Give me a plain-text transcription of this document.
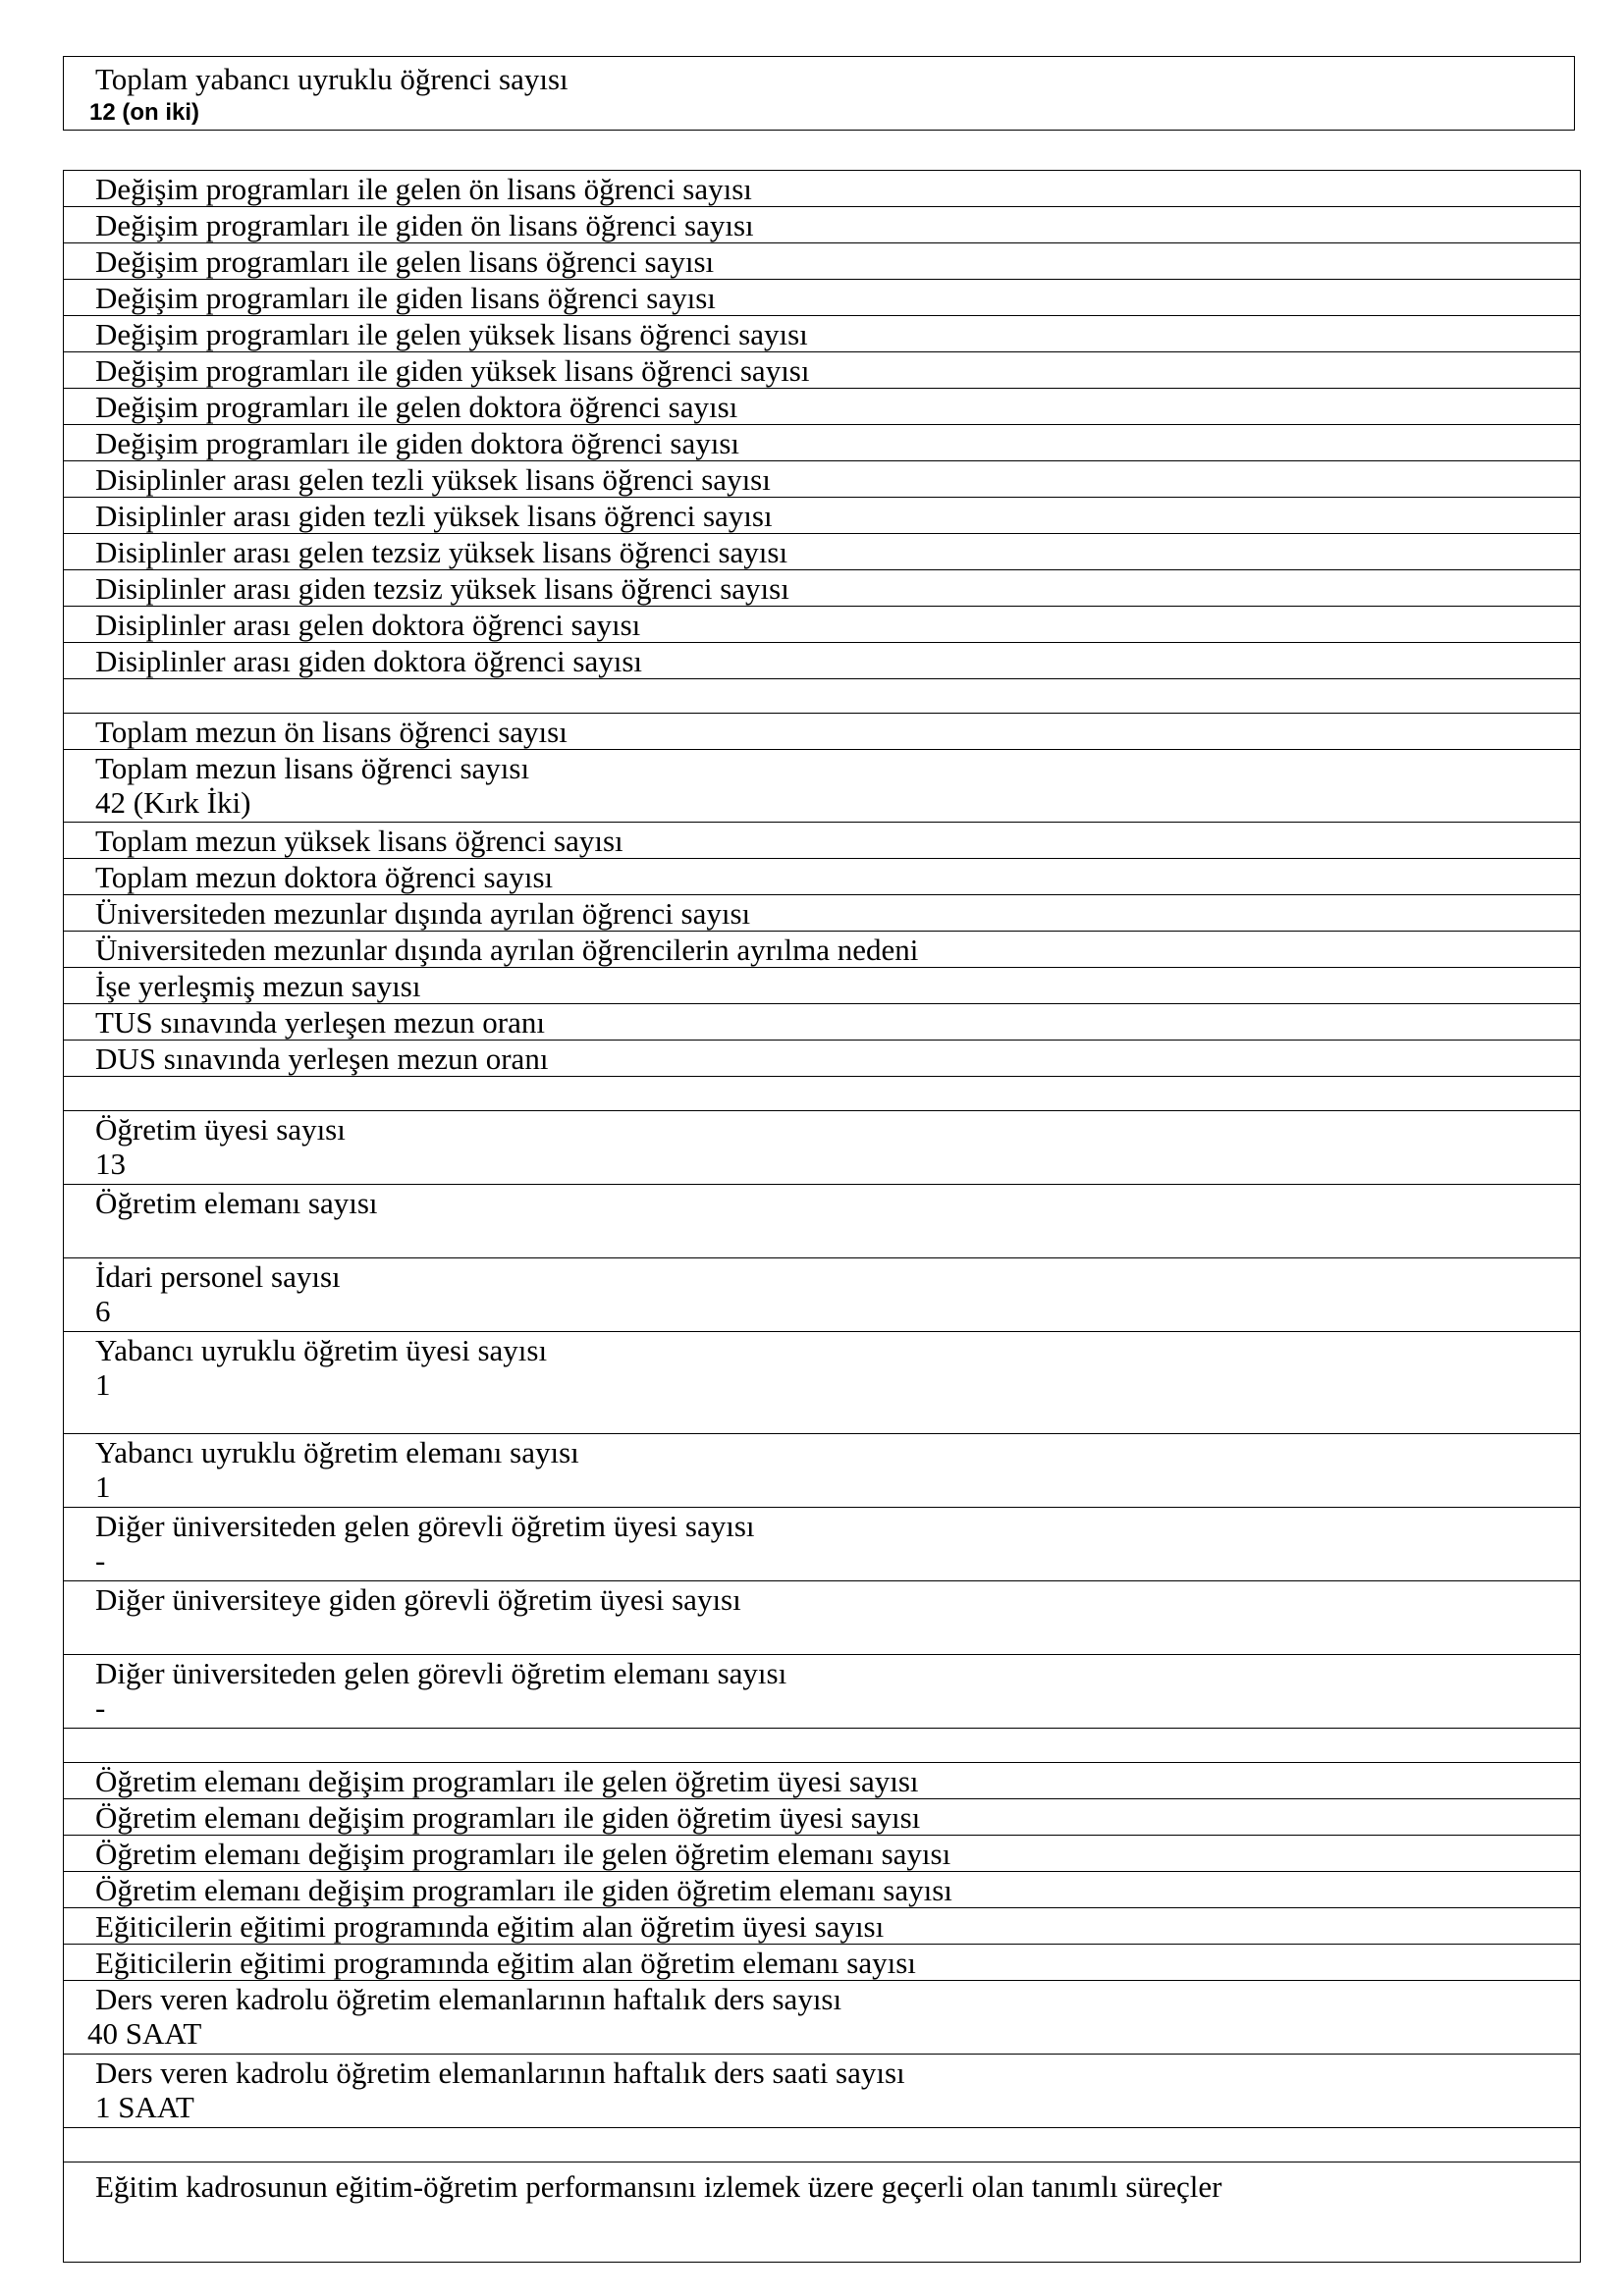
Toplam yabancı uyruklu öğrenci sayısı
12 (on iki)
Değişim programları ile gelen ön lisans öğrenci sayısı
Değişim programları ile giden ön lisans öğrenci sayısı
Değişim programları ile gelen lisans öğrenci sayısı
Değişim programları ile giden lisans öğrenci sayısı
Değişim programları ile gelen yüksek lisans öğrenci sayısı
Değişim programları ile giden yüksek lisans öğrenci sayısı
Değişim programları ile gelen doktora öğrenci sayısı
Değişim programları ile giden doktora öğrenci sayısı
Disiplinler arası gelen tezli yüksek lisans öğrenci sayısı
Disiplinler arası giden tezli yüksek lisans öğrenci sayısı
Disiplinler arası gelen tezsiz yüksek lisans öğrenci sayısı
Disiplinler arası giden tezsiz yüksek lisans öğrenci sayısı
Disiplinler arası gelen doktora öğrenci sayısı
Disiplinler arası giden doktora öğrenci sayısı
Toplam mezun ön lisans öğrenci sayısı
Toplam mezun lisans öğrenci sayısı
42 (Kırk İki)
Toplam mezun yüksek lisans öğrenci sayısı
Toplam mezun doktora öğrenci sayısı
Üniversiteden mezunlar dışında ayrılan öğrenci sayısı
Üniversiteden mezunlar dışında ayrılan öğrencilerin ayrılma nedeni
İşe yerleşmiş mezun sayısı
TUS sınavında yerleşen mezun oranı
DUS sınavında yerleşen mezun oranı
Öğretim üyesi sayısı
13
Öğretim elemanı sayısı
İdari personel sayısı
6
Yabancı uyruklu öğretim üyesi sayısı
1
Yabancı uyruklu öğretim elemanı sayısı
1
Diğer üniversiteden gelen görevli öğretim üyesi sayısı
-
Diğer üniversiteye giden görevli öğretim üyesi sayısı
Diğer üniversiteden gelen görevli öğretim elemanı sayısı
-
Öğretim elemanı değişim programları ile gelen öğretim üyesi sayısı
Öğretim elemanı değişim programları ile giden öğretim üyesi sayısı
Öğretim elemanı değişim programları ile gelen öğretim elemanı sayısı
Öğretim elemanı değişim programları ile giden öğretim elemanı sayısı
Eğiticilerin eğitimi programında eğitim alan öğretim üyesi sayısı
Eğiticilerin eğitimi programında eğitim alan öğretim elemanı sayısı
Ders veren kadrolu öğretim elemanlarının haftalık ders sayısı
40 SAAT
Ders veren kadrolu öğretim elemanlarının haftalık ders saati sayısı
1 SAAT
Eğitim kadrosunun eğitim-öğretim performansını izlemek üzere geçerli olan tanımlı süreçler
